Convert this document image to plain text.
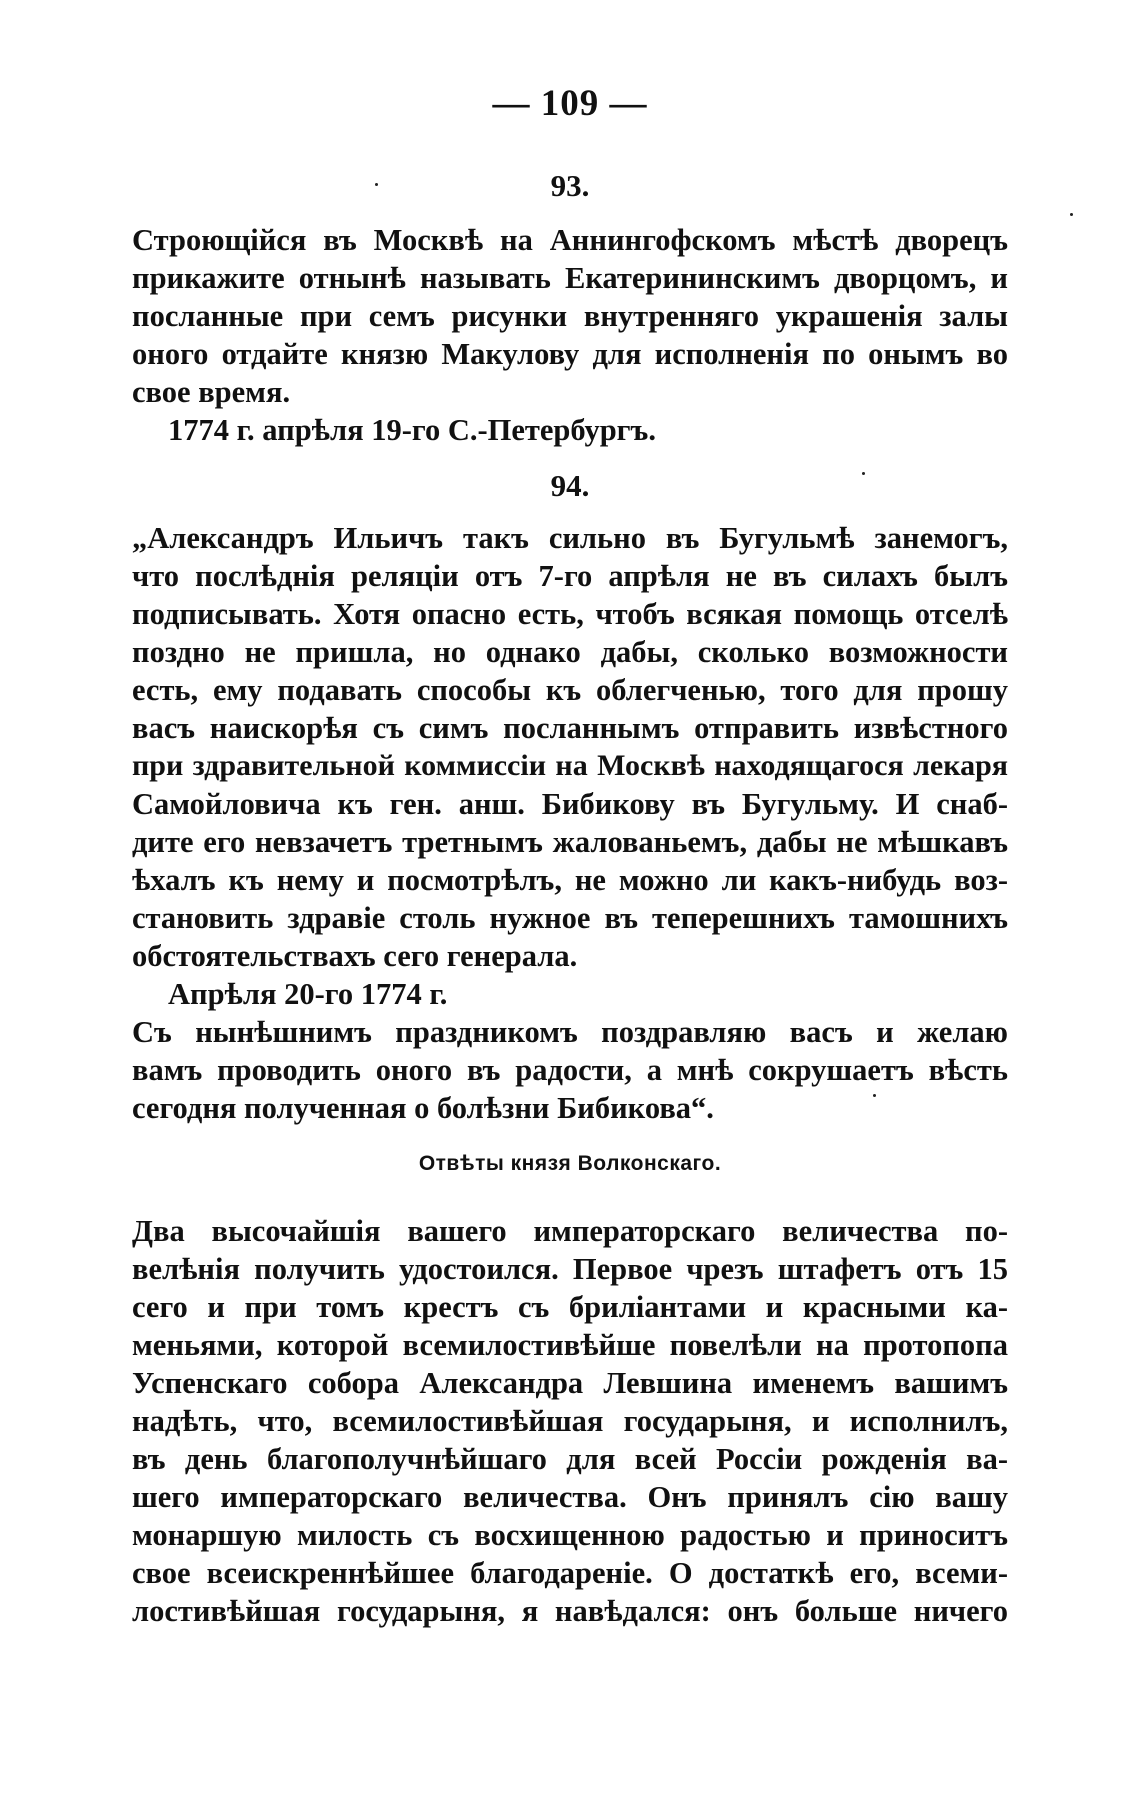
— 109 —
93.
Строющійся въ Москвѣ на Аннингофскомъ мѣстѣ дворецъ
прикажите отнынѣ называть Екатерининскимъ дворцомъ, и
посланные при семъ рисунки внутренняго украшенія залы
оного отдайте князю Макулову для исполненія по онымъ во
свое время.
1774 г. апрѣля 19-го С.-Петербургъ.
94.
„Александръ Ильичъ такъ сильно въ Бугульмѣ занемогъ,
что послѣднія реляціи отъ 7-го апрѣля не въ силахъ былъ
подписывать. Хотя опасно есть, чтобъ всякая помощь отселѣ
поздно не пришла, но однако дабы, сколько возможности
есть, ему подавать способы къ облегченью, того для прошу
васъ наискорѣя съ симъ посланнымъ отправить извѣстного
при здравительной коммиссіи на Москвѣ находящагося лекаря
Самойловича къ ген. анш. Бибикову въ Бугульму. И снаб-
дите его невзачетъ третнымъ жалованьемъ, дабы не мѣшкавъ
ѣхалъ къ нему и посмотрѣлъ, не можно ли какъ-нибудь воз-
становить здравіе столь нужное въ теперешнихъ тамошнихъ
обстоятельствахъ сего генерала.
Апрѣля 20-го 1774 г.
Съ нынѣшнимъ праздникомъ поздравляю васъ и желаю
вамъ проводить оного въ радости, а мнѣ сокрушаетъ вѣсть
сегодня полученная о болѣзни Бибикова“.
Отвѣты князя Волконскаго.
Два высочайшія вашего императорскаго величества по-
велѣнія получить удостоился. Первое чрезъ штафетъ отъ 15
сего и при томъ крестъ съ бриліантами и красными ка-
меньями, которой всемилостивѣйше повелѣли на протопопа
Успенскаго собора Александра Левшина именемъ вашимъ
надѣть, что, всемилостивѣйшая государыня, и исполнилъ,
въ день благополучнѣйшаго для всей Россіи рожденія ва-
шего императорскаго величества. Онъ принялъ сію вашу
монаршую милость съ восхищенною радостью и приноситъ
свое всеискреннѣйшее благодареніе. О достаткѣ его, всеми-
лостивѣйшая государыня, я навѣдался: онъ больше ничего
